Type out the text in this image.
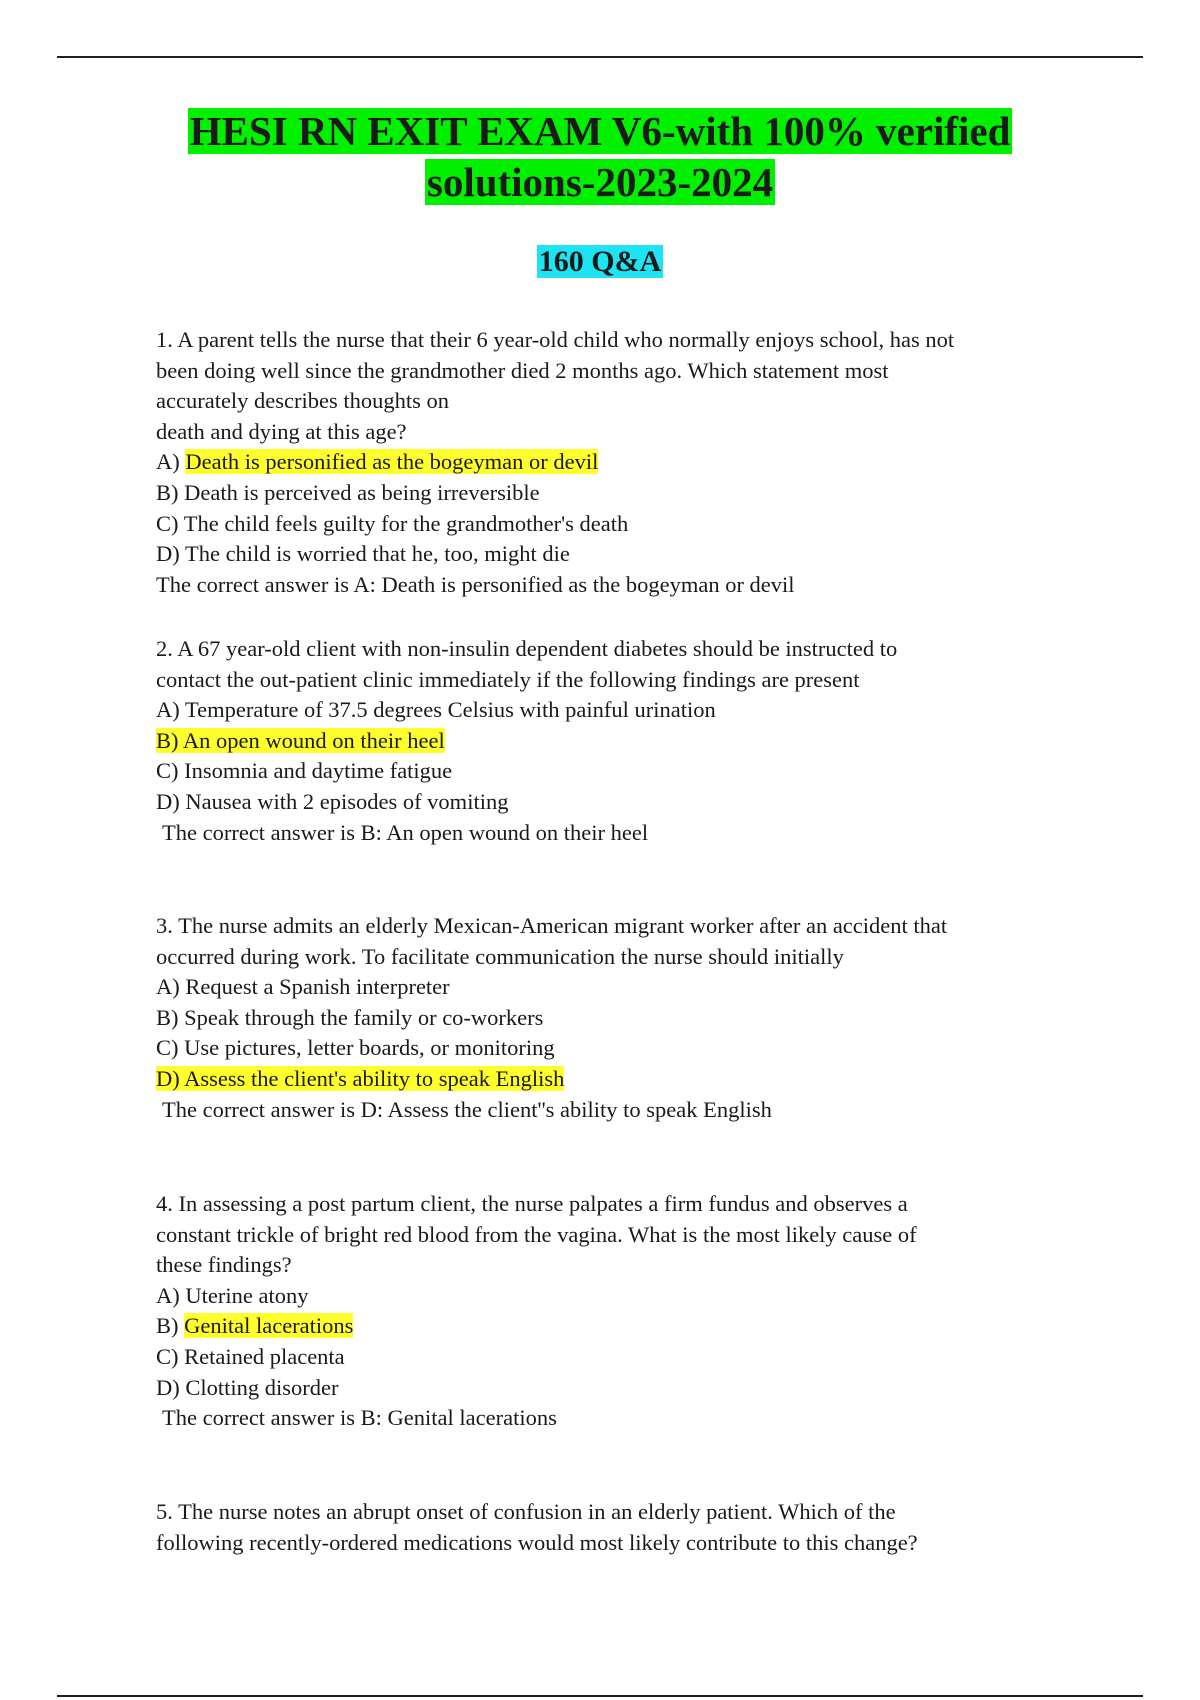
HESI RN EXIT EXAM V6-with 100% verified
solutions-2023-2024
160 Q&A
1. A parent tells the nurse that their 6 year-old child who normally enjoys school, has not
been doing well since the grandmother died 2 months ago. Which statement most
accurately describes thoughts on
death and dying at this age?
A) Death is personified as the bogeyman or devil
B) Death is perceived as being irreversible
C) The child feels guilty for the grandmother's death
D) The child is worried that he, too, might die
The correct answer is A: Death is personified as the bogeyman or devil
2. A 67 year-old client with non-insulin dependent diabetes should be instructed to
contact the out-patient clinic immediately if the following findings are present
A) Temperature of 37.5 degrees Celsius with painful urination
B) An open wound on their heel
C) Insomnia and daytime fatigue
D) Nausea with 2 episodes of vomiting
The correct answer is B: An open wound on their heel
3. The nurse admits an elderly Mexican-American migrant worker after an accident that
occurred during work. To facilitate communication the nurse should initially
A) Request a Spanish interpreter
B) Speak through the family or co-workers
C) Use pictures, letter boards, or monitoring
D) Assess the client's ability to speak English
The correct answer is D: Assess the client''s ability to speak English
4. In assessing a post partum client, the nurse palpates a firm fundus and observes a
constant trickle of bright red blood from the vagina. What is the most likely cause of
these findings?
A) Uterine atony
B) Genital lacerations
C) Retained placenta
D) Clotting disorder
The correct answer is B: Genital lacerations
5. The nurse notes an abrupt onset of confusion in an elderly patient. Which of the
following recently-ordered medications would most likely contribute to this change?
